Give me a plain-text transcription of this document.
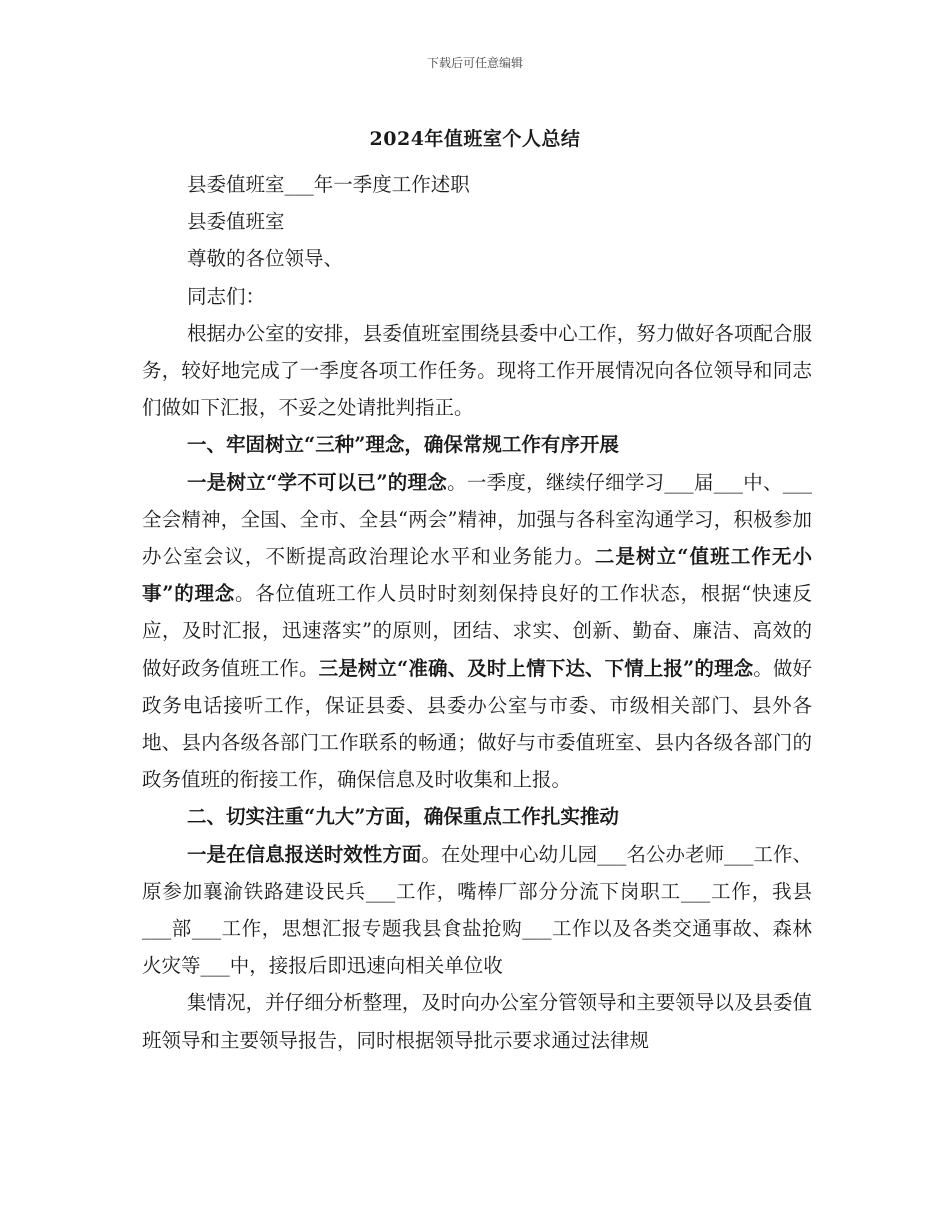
下载后可任意编辑
2024年值班室个人总结

县委值班室___年一季度工作述职

县委值班室

尊敬的各位领导、

同志们：

根据办公室的安排，县委值班室围绕县委中心工作，努力做好各项配合服务，较好地完成了一季度各项工作任务。现将工作开展情况向各位领导和同志们做如下汇报，不妥之处请批判指正。

一、牢固树立“三种”理念，确保常规工作有序开展

一是树立“学不可以已”的理念。一季度，继续仔细学习___届___中、___全会精神，全国、全市、全县“两会”精神，加强与各科室沟通学习，积极参加办公室会议，不断提高政治理论水平和业务能力。二是树立“值班工作无小事”的理念。各位值班工作人员时时刻刻保持良好的工作状态，根据“快速反应，及时汇报，迅速落实”的原则，团结、求实、创新、勤奋、廉洁、高效的做好政务值班工作。三是树立“准确、及时上情下达、下情上报”的理念。做好政务电话接听工作，保证县委、县委办公室与市委、市级相关部门、县外各地、县内各级各部门工作联系的畅通；做好与市委值班室、县内各级各部门的政务值班的衔接工作，确保信息及时收集和上报。

二、切实注重“九大”方面，确保重点工作扎实推动

一是在信息报送时效性方面。在处理中心幼儿园___名公办老师___工作、原参加襄渝铁路建设民兵___工作，嘴棒厂部分分流下岗职工___工作，我县___部___工作，思想汇报专题我县食盐抢购___工作以及各类交通事故、森林火灾等___中，接报后即迅速向相关单位收

集情况，并仔细分析整理，及时向办公室分管领导和主要领导以及县委值班领导和主要领导报告，同时根据领导批示要求通过法律规
